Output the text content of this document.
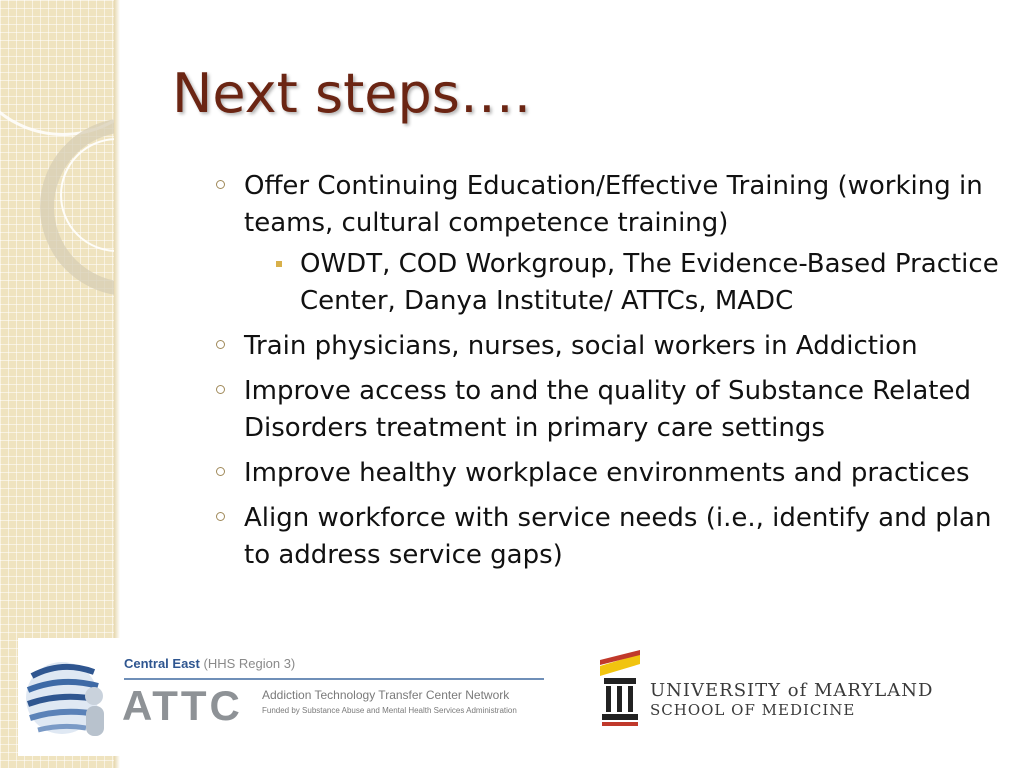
Next steps….
Offer Continuing Education/Effective Training (working in teams, cultural competence training)
OWDT, COD Workgroup, The Evidence-Based Practice Center, Danya Institute/ ATTCs, MADC
Train physicians, nurses, social workers in Addiction
Improve access to and the quality of Substance Related Disorders treatment in primary care settings
Improve healthy workplace environments and practices
Align workforce with service needs (i.e., identify and plan to address service gaps)
Central East (HHS Region 3)
ATTC Addiction Technology Transfer Center Network
Funded by Substance Abuse and Mental Health Services Administration
UNIVERSITY of MARYLAND
SCHOOL OF MEDICINE
